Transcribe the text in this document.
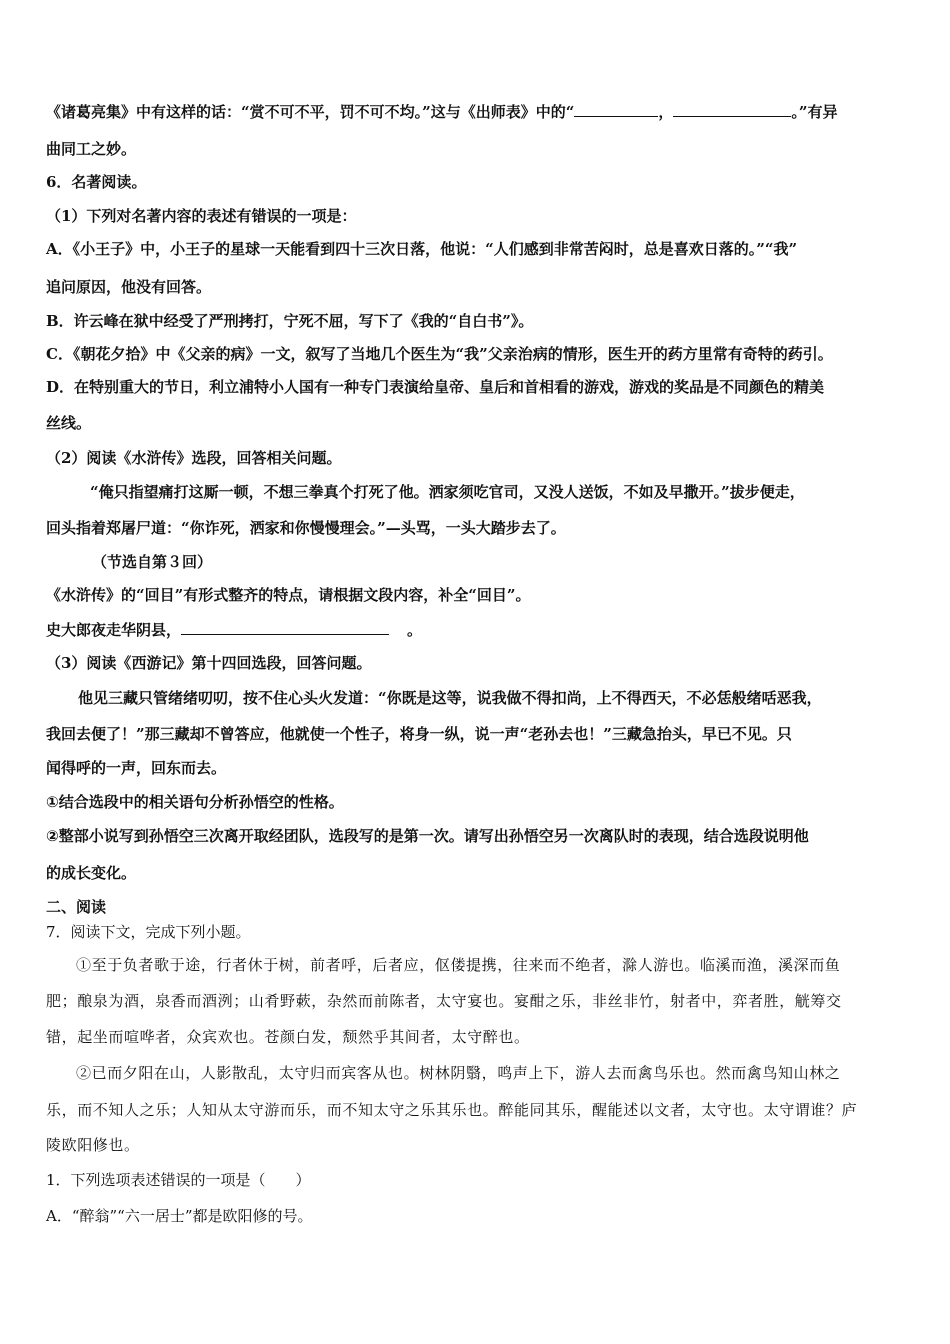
《诸葛亮集》中有这样的话：“赏不可不平，罚不可不均。”这与《出师表》中的“	，	。”有异
曲同工之妙。
6．名著阅读。
（1）下列对名著内容的表述有错误的一项是：
A．《小王子》中，小王子的星球一天能看到四十三次日落，他说：“人们感到非常苦闷时，总是喜欢日落的。”“我”
追问原因，他没有回答。
B．许云峰在狱中经受了严刑拷打，宁死不屈，写下了《我的“自白书”》。
C．《朝花夕拾》中《父亲的病》一文，叙写了当地几个医生为“我”父亲治病的情形，医生开的药方里常有奇特的药引。
D．在特别重大的节日，利立浦特小人国有一种专门表演给皇帝、皇后和首相看的游戏，游戏的奖品是不同颜色的精美
丝线。
（2）阅读《水浒传》选段，回答相关问题。
“俺只指望痛打这厮一顿，不想三拳真个打死了他。洒家须吃官司，又没人送饭，不如及早撒开。”拔步便走，
回头指着郑屠尸道：“你诈死，洒家和你慢慢理会。”—头骂，一头大踏步去了。
（节选自第３回）
《水浒传》的“回目”有形式整齐的特点，请根据文段内容，补全“回目”。
史大郎夜走华阴县，	。
（3）阅读《西游记》第十四回选段，回答问题。
他见三藏只管绪绪叨叨，按不住心头火发道：“你既是这等，说我做不得扣尚，上不得西天，不必恁般绪咶恶我，
我回去便了！”那三藏却不曾答应，他就使一个性子，将身一纵，说一声“老孙去也！”三藏急抬头，早已不见。只
闻得呼的一声，回东而去。
①结合选段中的相关语句分析孙悟空的性格。
②整部小说写到孙悟空三次离开取经团队，选段写的是第一次。请写出孙悟空另一次离队时的表现，结合选段说明他
的成长变化。
二、阅读
7．阅读下文，完成下列小题。
①至于负者歌于途，行者休于树，前者呼，后者应，伛偻提携，往来而不绝者，滁人游也。临溪而渔，溪深而鱼
肥；酿泉为酒，泉香而酒洌；山肴野蔌，杂然而前陈者，太守宴也。宴酣之乐，非丝非竹，射者中，弈者胜，觥筹交
错，起坐而喧哗者，众宾欢也。苍颜白发，颓然乎其间者，太守醉也。
②已而夕阳在山，人影散乱，太守归而宾客从也。树林阴翳，鸣声上下，游人去而禽鸟乐也。然而禽鸟知山林之
乐，而不知人之乐；人知从太守游而乐，而不知太守之乐其乐也。醉能同其乐，醒能述以文者，太守也。太守谓谁？庐
陵欧阳修也。
1．下列选项表述错误的一项是（　　）
A．“醉翁”“六一居士”都是欧阳修的号。
